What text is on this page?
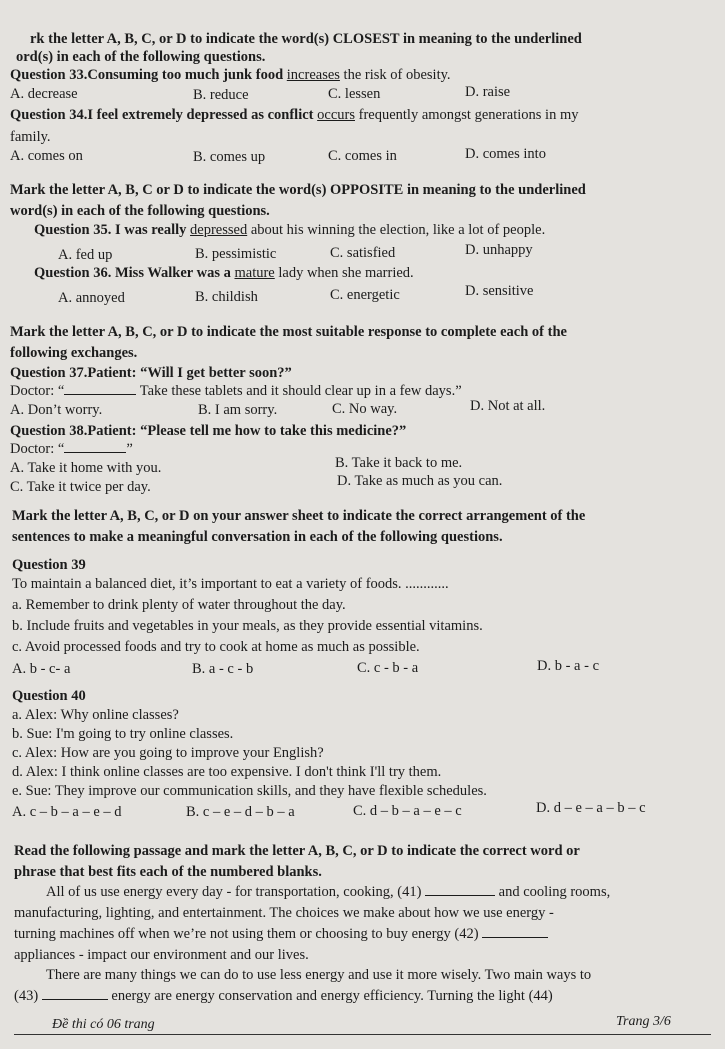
rk the letter A, B, C, or D to indicate the word(s) CLOSEST in meaning to the underlined
ord(s) in each of the following questions.
Question 33.Consuming too much junk food increases the risk of obesity.
A. decrease	B. reduce	C. lessen	D. raise
Question 34.I feel extremely depressed as conflict occurs frequently amongst generations in my
family.
A. comes on	B. comes up	C. comes in	D. comes into
Mark the letter A, B, C or D to indicate the word(s) OPPOSITE in meaning to the underlined
word(s) in each of the following questions.
Question 35. I was really depressed about his winning the election, like a lot of people.
A. fed up	B. pessimistic	C. satisfied	D. unhappy
Question 36. Miss Walker was a mature lady when she married.
A. annoyed	B. childish	C. energetic	D. sensitive
Mark the letter A, B, C, or D to indicate the most suitable response to complete each of the
following exchanges.
Question 37.Patient: “Will I get better soon?”
Doctor: “	Take these tablets and it should clear up in a few days.”
A. Don’t worry.	B. I am sorry.	C. No way.	D. Not at all.
Question 38.Patient: “Please tell me how to take this medicine?”
Doctor: “	”
A. Take it home with you.	B. Take it back to me.
C. Take it twice per day.	D. Take as much as you can.
Mark the letter A, B, C, or D on your answer sheet to indicate the correct arrangement of the
sentences to make a meaningful conversation in each of the following questions.
Question 39
To maintain a balanced diet, it’s important to eat a variety of foods. ............
a. Remember to drink plenty of water throughout the day.
b. Include fruits and vegetables in your meals, as they provide essential vitamins.
c. Avoid processed foods and try to cook at home as much as possible.
A. b - c- a	B. a - c - b	C. c - b - a	D. b - a - c
Question 40
a. Alex: Why online classes?
b. Sue: I'm going to try online classes.
c. Alex: How are you going to improve your English?
d. Alex: I think online classes are too expensive. I don't think I'll try them.
e. Sue: They improve our communication skills, and they have flexible schedules.
A. c – b – a – e – d	B. c – e – d – b – a	C. d – b – a – e – c	D. d – e – a – b – c
Read the following passage and mark the letter A, B, C, or D to indicate the correct word or
phrase that best fits each of the numbered blanks.
All of us use energy every day - for transportation, cooking, (41)	and cooling rooms,
manufacturing, lighting, and entertainment. The choices we make about how we use energy -
turning machines off when we’re not using them or choosing to buy energy (42)
appliances - impact our environment and our lives.
There are many things we can do to use less energy and use it more wisely. Two main ways to
(43)	energy are energy conservation and energy efficiency. Turning the light (44)
Đề thi có 06 trang	Trang 3/6
